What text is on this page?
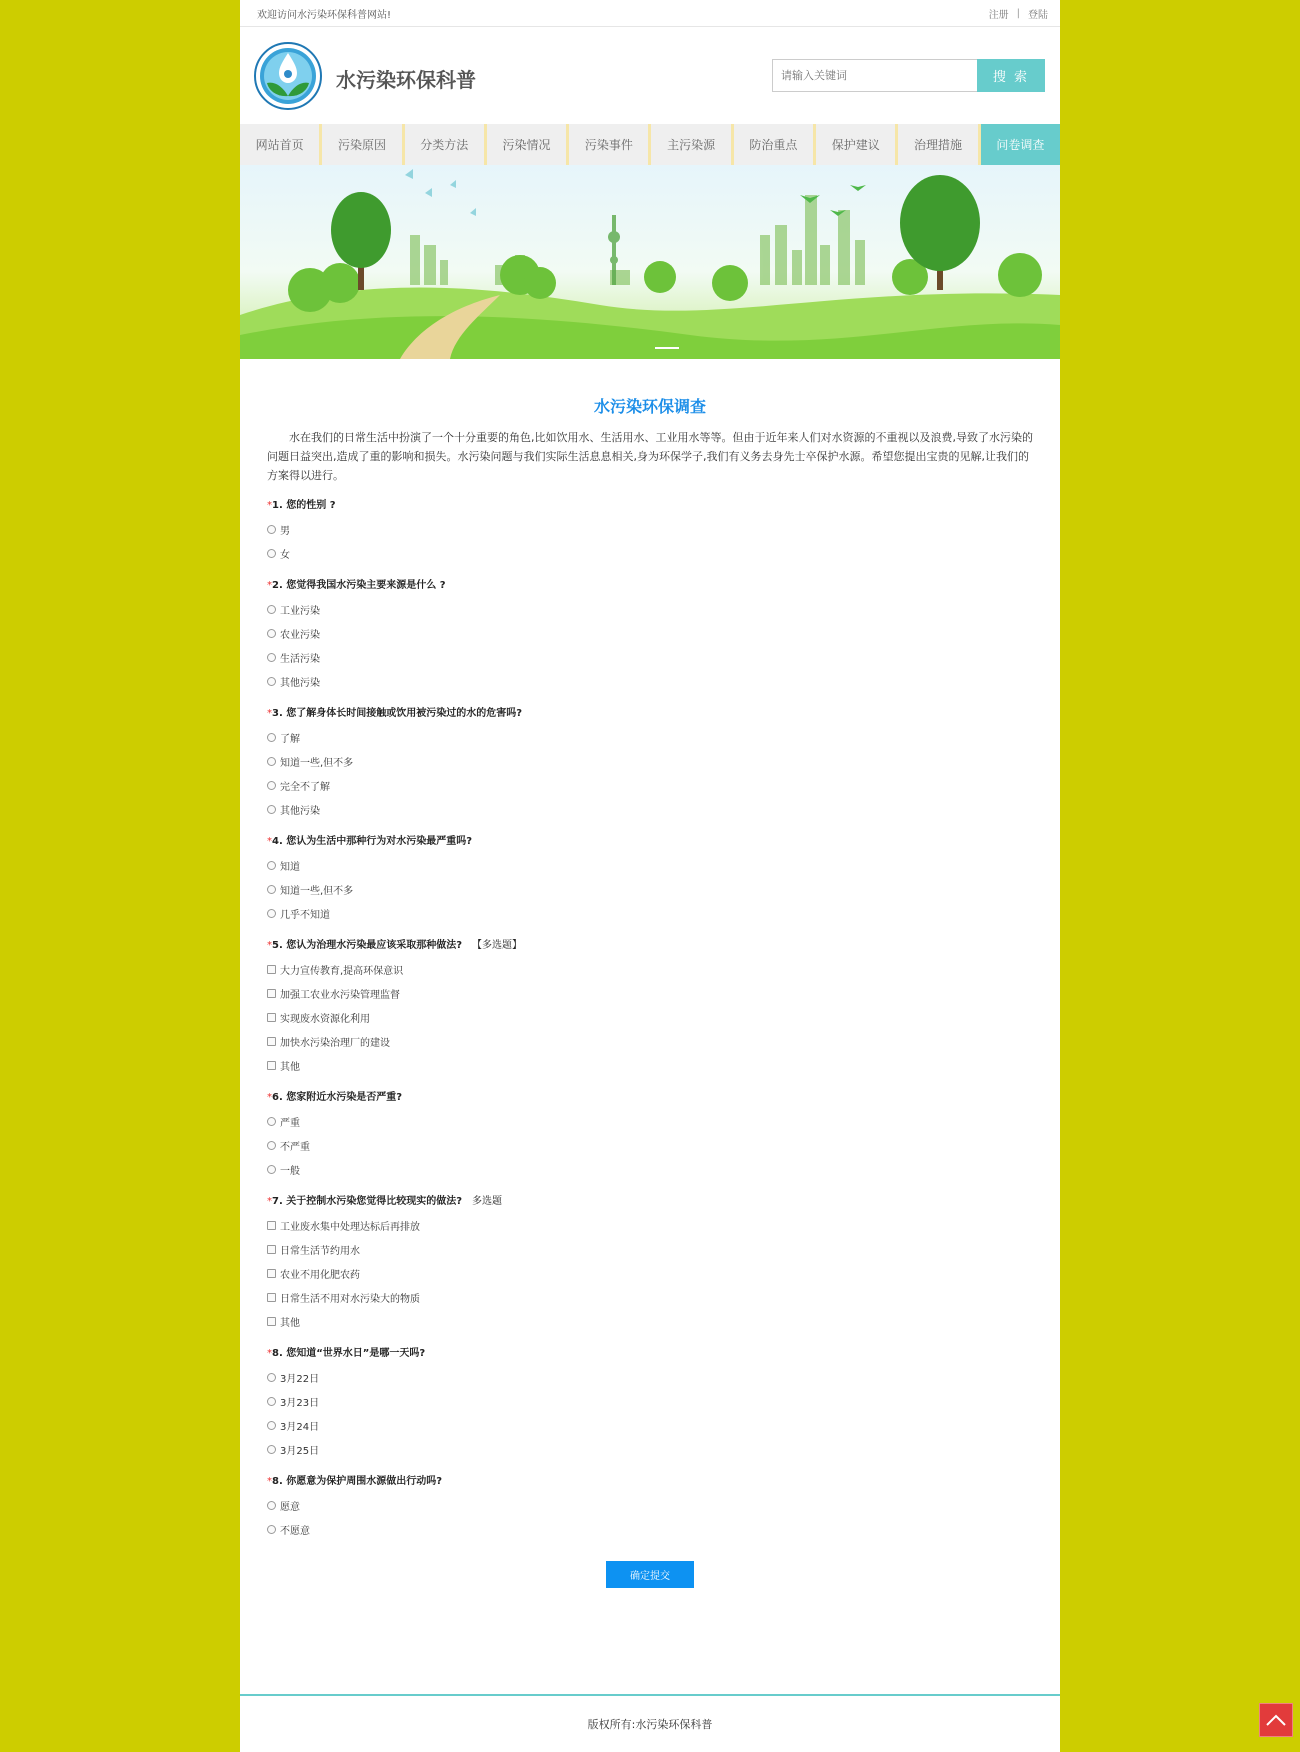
欢迎访问水污染环保科普网站!	注册 | 登陆
水污染环保科普
请输入关键词	搜 索
网站首页	污染原因	分类方法	污染情况	污染事件	主污染源	防治重点	保护建议	治理措施	问卷调查
水污染环保调查

水在我们的日常生活中扮演了一个十分重要的角色,比如饮用水、生活用水、工业用水等等。但由于近年来人们对水资源的不重视以及浪费,导致了水污染的问题日益突出,造成了重的影响和损失。水污染问题与我们实际生活息息相关,身为环保学子,我们有义务去身先士卒保护水源。希望您提出宝贵的见解,让我们的方案得以进行。

*1. 您的性别 ?
男
女
*2. 您觉得我国水污染主要来源是什么 ?
工业污染
农业污染
生活污染
其他污染
*3. 您了解身体长时间接触或饮用被污染过的水的危害吗?
了解
知道一些,但不多
完全不了解
其他污染
*4. 您认为生活中那种行为对水污染最严重吗?
知道
知道一些,但不多
几乎不知道
*5. 您认为治理水污染最应该采取那种做法? 【多选题】
大力宣传教育,提高环保意识
加强工农业水污染管理监督
实现废水资源化利用
加快水污染治理厂的建设
其他
*6. 您家附近水污染是否严重?
严重
不严重
一般
*7. 关于控制水污染您觉得比较现实的做法? 多选题
工业废水集中处理达标后再排放
日常生活节约用水
农业不用化肥农药
日常生活不用对水污染大的物质
其他
*8. 您知道“世界水日”是哪一天吗?
3月22日
3月23日
3月24日
3月25日
*8. 你愿意为保护周围水源做出行动吗?
愿意
不愿意
确定提交
版权所有:水污染环保科普
